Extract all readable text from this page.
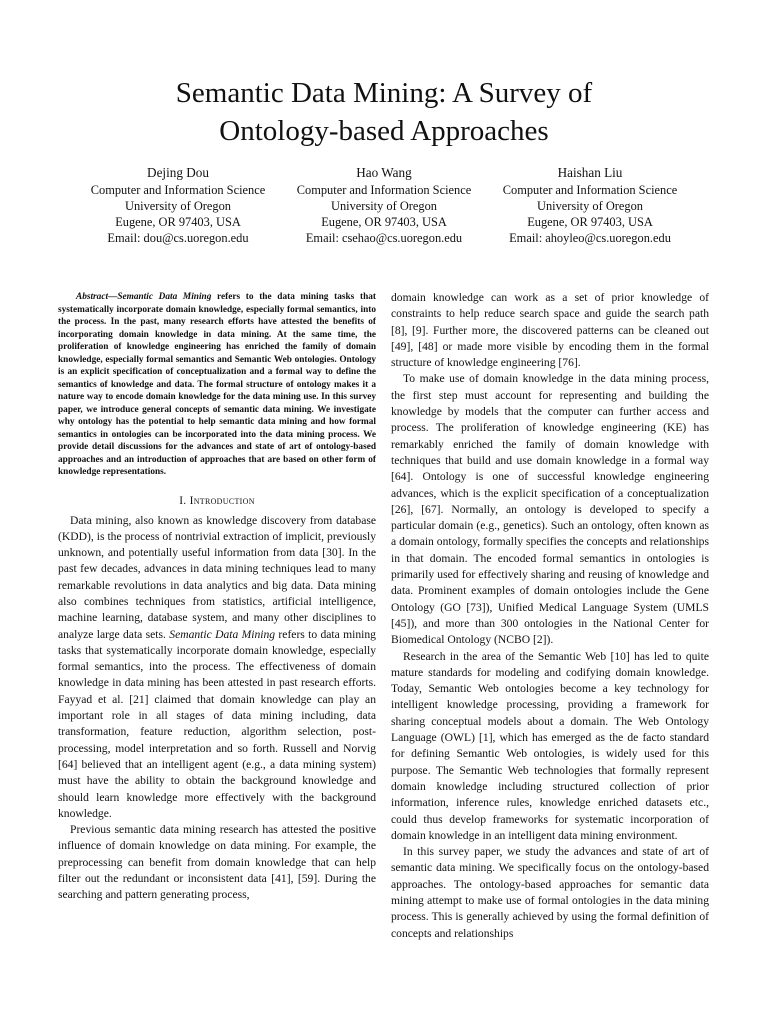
Semantic Data Mining: A Survey of
Ontology-based Approaches
Dejing Dou
Computer and Information Science
University of Oregon
Eugene, OR 97403, USA
Email: dou@cs.uoregon.edu
Hao Wang
Computer and Information Science
University of Oregon
Eugene, OR 97403, USA
Email: csehao@cs.uoregon.edu
Haishan Liu
Computer and Information Science
University of Oregon
Eugene, OR 97403, USA
Email: ahoyleo@cs.uoregon.edu

Abstract—Semantic Data Mining refers to the data mining tasks that systematically incorporate domain knowledge, especially formal semantics, into the process. In the past, many research efforts have attested the benefits of incorporating domain knowledge in data mining. At the same time, the proliferation of knowledge engineering has enriched the family of domain knowledge, especially formal semantics and Semantic Web ontologies. Ontology is an explicit specification of conceptualization and a formal way to define the semantics of knowledge and data. The formal structure of ontology makes it a nature way to encode domain knowledge for the data mining use. In this survey paper, we introduce general concepts of semantic data mining. We investigate why ontology has the potential to help semantic data mining and how formal semantics in ontologies can be incorporated into the data mining process. We provide detail discussions for the advances and state of art of ontology-based approaches and an introduction of approaches that are based on other form of knowledge representations.

I. Introduction

Data mining, also known as knowledge discovery from database (KDD), is the process of nontrivial extraction of implicit, previously unknown, and potentially useful information from data [30]. In the past few decades, advances in data mining techniques lead to many remarkable revolutions in data analytics and big data. Data mining also combines techniques from statistics, artificial intelligence, machine learning, database system, and many other disciplines to analyze large data sets. Semantic Data Mining refers to data mining tasks that systematically incorporate domain knowledge, especially formal semantics, into the process. The effectiveness of domain knowledge in data mining has been attested in past research efforts. Fayyad et al. [21] claimed that domain knowledge can play an important role in all stages of data mining including, data transformation, feature reduction, algorithm selection, post-processing, model interpretation and so forth. Russell and Norvig [64] believed that an intelligent agent (e.g., a data mining system) must have the ability to obtain the background knowledge and should learn knowledge more effectively with the background knowledge.

Previous semantic data mining research has attested the positive influence of domain knowledge on data mining. For example, the preprocessing can benefit from domain knowledge that can help filter out the redundant or inconsistent data [41], [59]. During the searching and pattern generating process,

domain knowledge can work as a set of prior knowledge of constraints to help reduce search space and guide the search path [8], [9]. Further more, the discovered patterns can be cleaned out [49], [48] or made more visible by encoding them in the formal structure of knowledge engineering [76].

To make use of domain knowledge in the data mining process, the first step must account for representing and building the knowledge by models that the computer can further access and process. The proliferation of knowledge engineering (KE) has remarkably enriched the family of domain knowledge with techniques that build and use domain knowledge in a formal way [64]. Ontology is one of successful knowledge engineering advances, which is the explicit specification of a conceptualization [26], [67]. Normally, an ontology is developed to specify a particular domain (e.g., genetics). Such an ontology, often known as a domain ontology, formally specifies the concepts and relationships in that domain. The encoded formal semantics in ontologies is primarily used for effectively sharing and reusing of knowledge and data. Prominent examples of domain ontologies include the Gene Ontology (GO [73]), Unified Medical Language System (UMLS [45]), and more than 300 ontologies in the National Center for Biomedical Ontology (NCBO [2]).

Research in the area of the Semantic Web [10] has led to quite mature standards for modeling and codifying domain knowledge. Today, Semantic Web ontologies become a key technology for intelligent knowledge processing, providing a framework for sharing conceptual models about a domain. The Web Ontology Language (OWL) [1], which has emerged as the de facto standard for defining Semantic Web ontologies, is widely used for this purpose. The Semantic Web technologies that formally represent domain knowledge including structured collection of prior information, inference rules, knowledge enriched datasets etc., could thus develop frameworks for systematic incorporation of domain knowledge in an intelligent data mining environment.

In this survey paper, we study the advances and state of art of semantic data mining. We specifically focus on the ontology-based approaches. The ontology-based approaches for semantic data mining attempt to make use of formal ontologies in the data mining process. This is generally achieved by using the formal definition of concepts and relationships
